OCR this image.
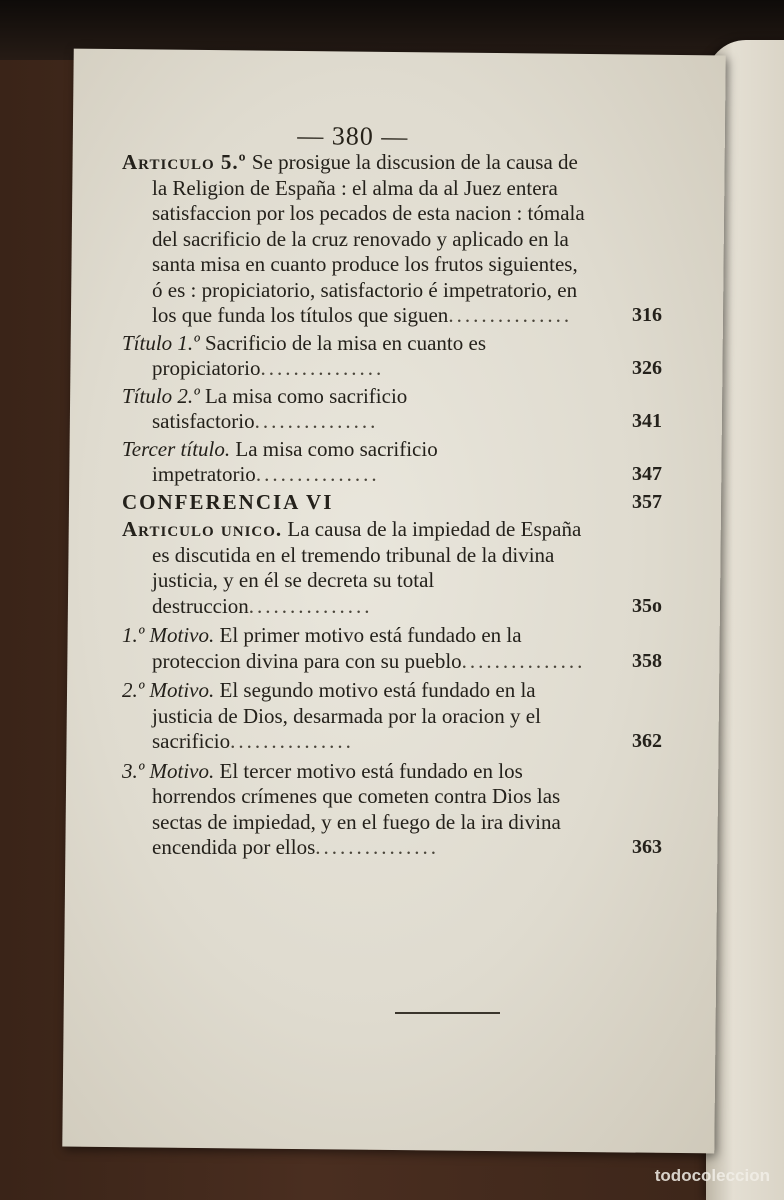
— 380 —
Articulo 5.º Se prosigue la discusion de la causa de la Religion de España : el alma da al Juez entera satisfaccion por los pecados de esta nacion : tómala del sacrificio de la cruz renovado y aplicado en la santa misa en cuanto produce los frutos siguientes, ó es : propiciatorio, satisfactorio é impetratorio, en los que funda los títulos que siguen...............	316
Título 1.º Sacrificio de la misa en cuanto es propiciatorio...............	326
Título 2.º La misa como sacrificio satisfactorio...............	341
Tercer título. La misa como sacrificio impetratorio...............	347
CONFERENCIA VI	357
Articulo unico. La causa de la impiedad de España es discutida en el tremendo tribunal de la divina justicia, y en él se decreta su total destruccion...............	35o
1.º Motivo. El primer motivo está fundado en la proteccion divina para con su pueblo...............	358
2.º Motivo. El segundo motivo está fundado en la justicia de Dios, desarmada por la oracion y el sacrificio...............	362
3.º Motivo. El tercer motivo está fundado en los horrendos crímenes que cometen contra Dios las sectas de impiedad, y en el fuego de la ira divina encendida por ellos...............	363
todocoleccion
